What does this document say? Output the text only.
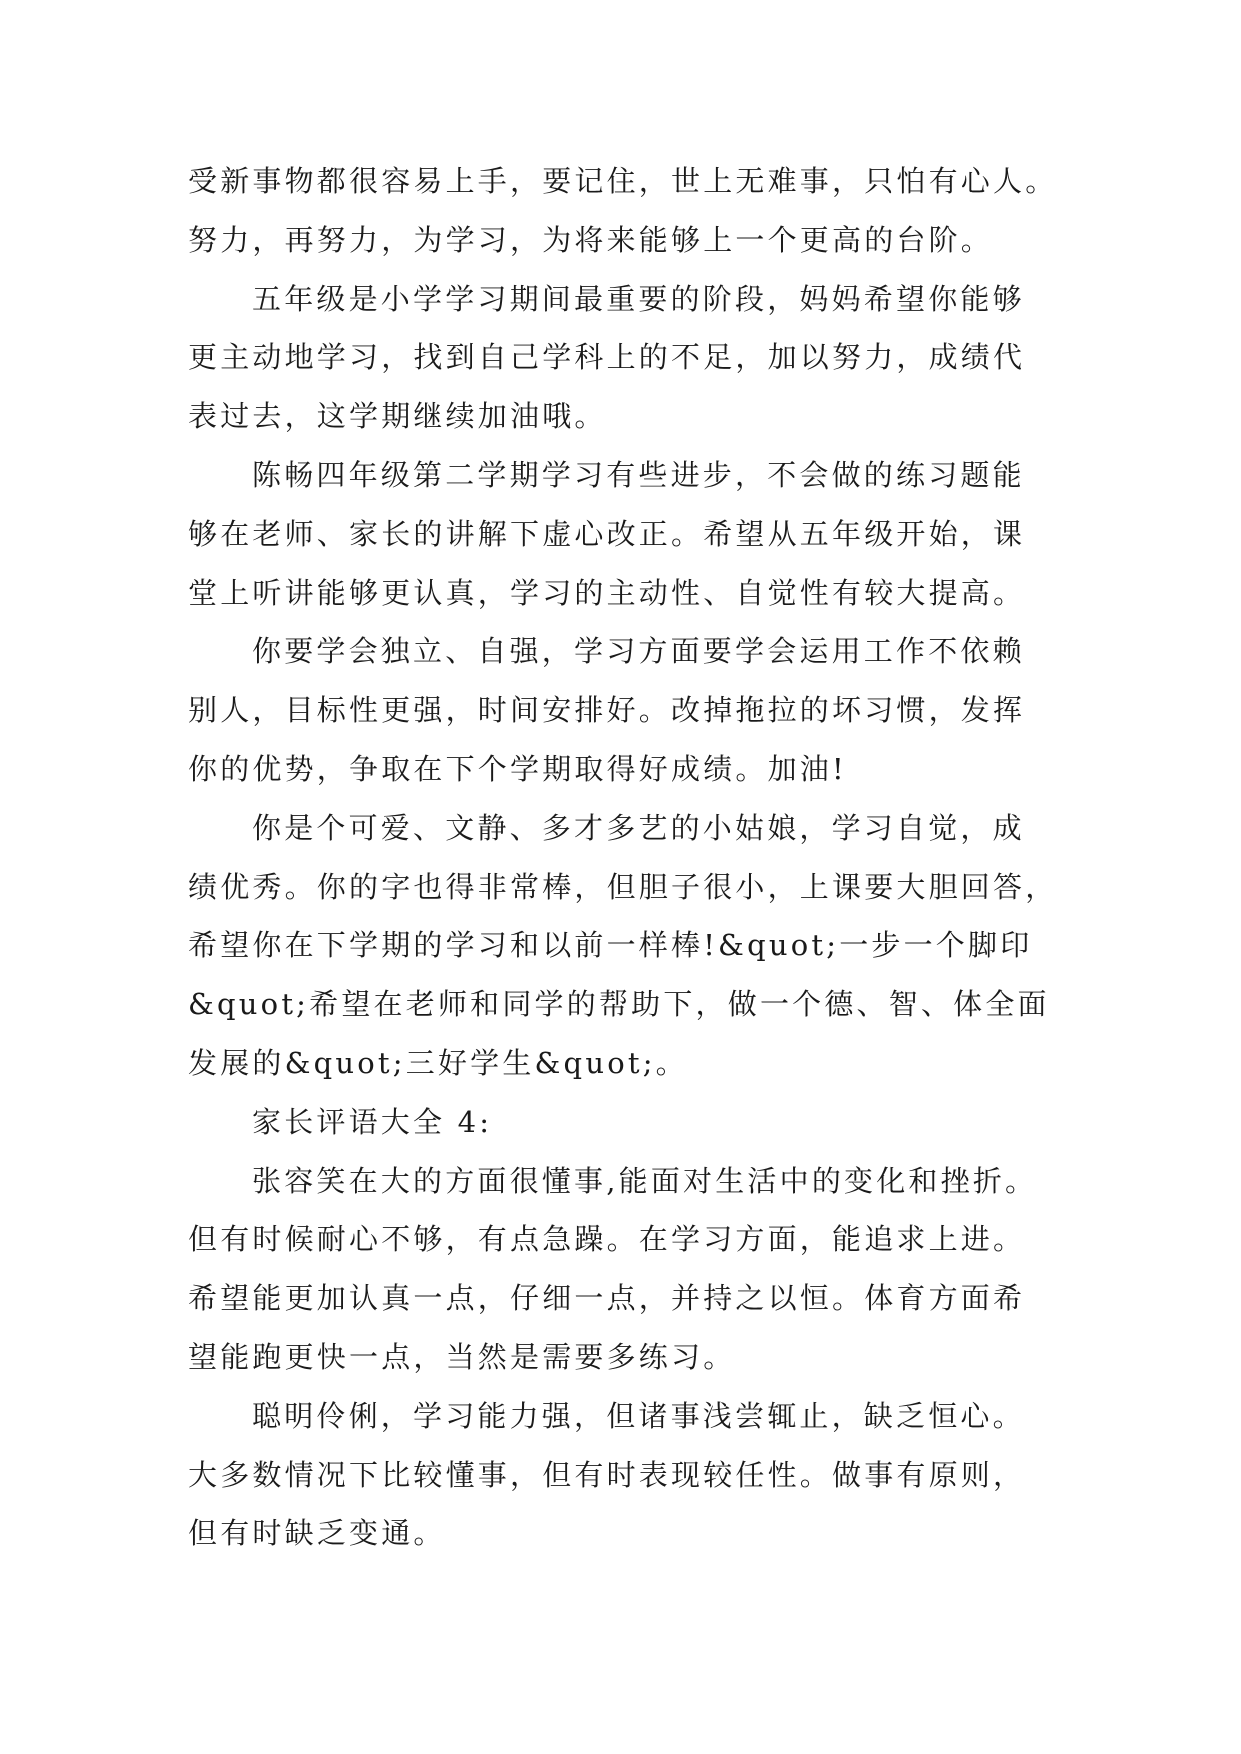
受新事物都很容易上手，要记住，世上无难事，只怕有心人。
努力，再努力，为学习，为将来能够上一个更高的台阶。
五年级是小学学习期间最重要的阶段，妈妈希望你能够
更主动地学习，找到自己学科上的不足，加以努力，成绩代
表过去，这学期继续加油哦。
陈畅四年级第二学期学习有些进步，不会做的练习题能
够在老师、家长的讲解下虚心改正。希望从五年级开始，课
堂上听讲能够更认真，学习的主动性、自觉性有较大提高。
你要学会独立、自强，学习方面要学会运用工作不依赖
别人，目标性更强，时间安排好。改掉拖拉的坏习惯，发挥
你的优势，争取在下个学期取得好成绩。加油!
你是个可爱、文静、多才多艺的小姑娘，学习自觉，成
绩优秀。你的字也得非常棒，但胆子很小，上课要大胆回答，
希望你在下学期的学习和以前一样棒!&quot;一步一个脚印
&quot;希望在老师和同学的帮助下，做一个德、智、体全面
发展的&quot;三好学生&quot;。
家长评语大全 4:
张容笑在大的方面很懂事,能面对生活中的变化和挫折。
但有时候耐心不够，有点急躁。在学习方面，能追求上进。
希望能更加认真一点，仔细一点，并持之以恒。体育方面希
望能跑更快一点，当然是需要多练习。
聪明伶俐，学习能力强，但诸事浅尝辄止，缺乏恒心。
大多数情况下比较懂事，但有时表现较任性。做事有原则，
但有时缺乏变通。
